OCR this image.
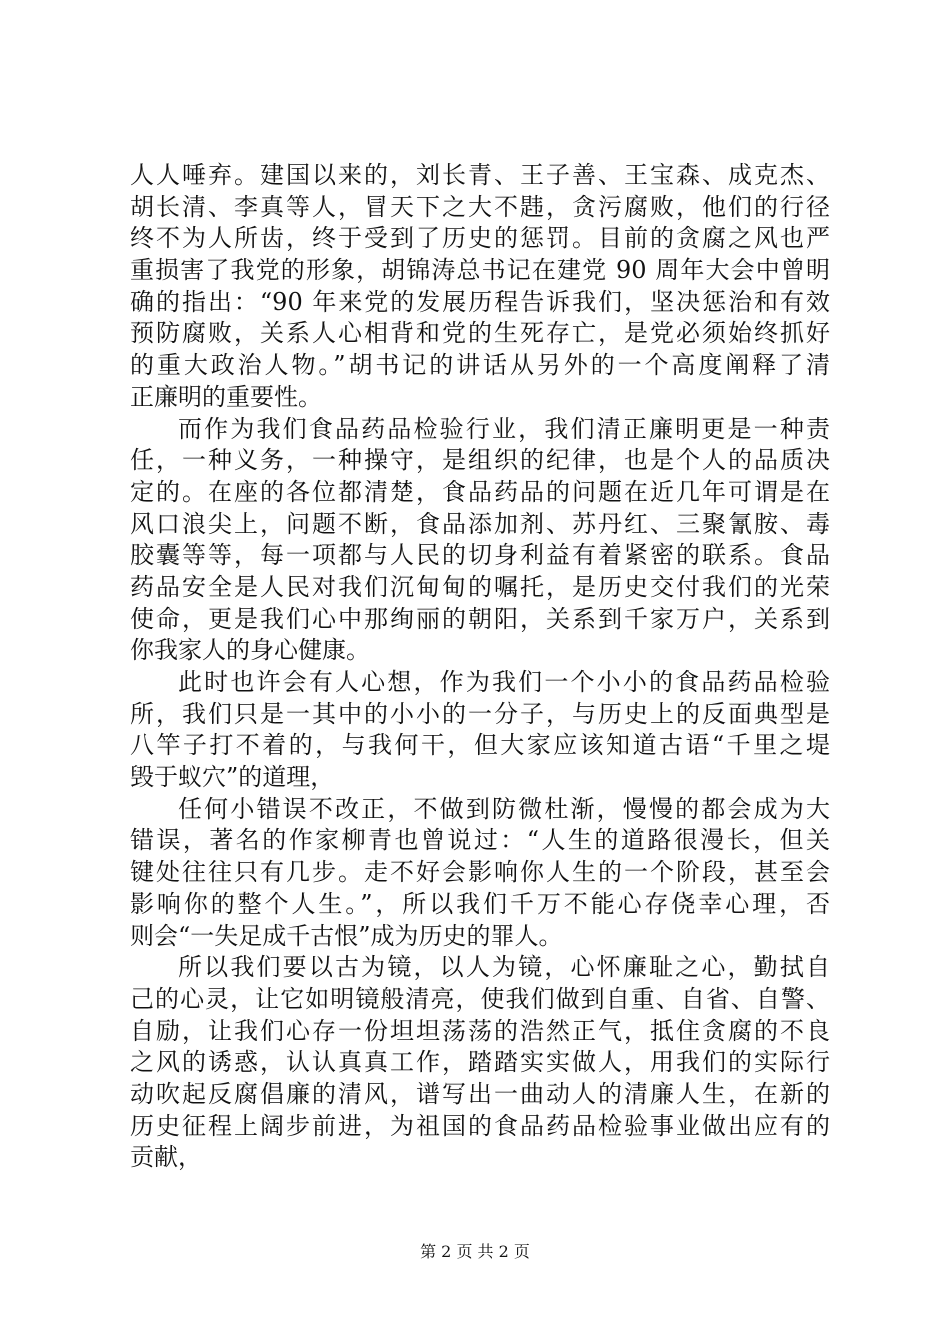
人人唾弃。建国以来的，刘长青、王子善、王宝森、成克杰、
胡长清、李真等人，冒天下之大不韪，贪污腐败，他们的行径
终不为人所齿，终于受到了历史的惩罚。目前的贪腐之风也严
重损害了我党的形象，胡锦涛总书记在建党 90 周年大会中曾明
确的指出：“90 年来党的发展历程告诉我们，坚决惩治和有效
预防腐败，关系人心相背和党的生死存亡，是党必须始终抓好
的重大政治人物。”胡书记的讲话从另外的一个高度阐释了清
正廉明的重要性。
而作为我们食品药品检验行业，我们清正廉明更是一种责
任，一种义务，一种操守，是组织的纪律，也是个人的品质决
定的。在座的各位都清楚，食品药品的问题在近几年可谓是在
风口浪尖上，问题不断，食品添加剂、苏丹红、三聚氰胺、毒
胶囊等等，每一项都与人民的切身利益有着紧密的联系。食品
药品安全是人民对我们沉甸甸的嘱托，是历史交付我们的光荣
使命，更是我们心中那绚丽的朝阳，关系到千家万户，关系到
你我家人的身心健康。
此时也许会有人心想，作为我们一个小小的食品药品检验
所，我们只是一其中的小小的一分子，与历史上的反面典型是
八竿子打不着的，与我何干，但大家应该知道古语“千里之堤
毁于蚁穴”的道理，
任何小错误不改正，不做到防微杜渐，慢慢的都会成为大
错误，著名的作家柳青也曾说过：“人生的道路很漫长，但关
键处往往只有几步。走不好会影响你人生的一个阶段，甚至会
影响你的整个人生。”，所以我们千万不能心存侥幸心理，否
则会“一失足成千古恨”成为历史的罪人。
所以我们要以古为镜，以人为镜，心怀廉耻之心，勤拭自
己的心灵，让它如明镜般清亮，使我们做到自重、自省、自警、
自励，让我们心存一份坦坦荡荡的浩然正气，抵住贪腐的不良
之风的诱惑，认认真真工作，踏踏实实做人，用我们的实际行
动吹起反腐倡廉的清风，谱写出一曲动人的清廉人生，在新的
历史征程上阔步前进，为祖国的食品药品检验事业做出应有的
贡献，
第 2 页 共 2 页
